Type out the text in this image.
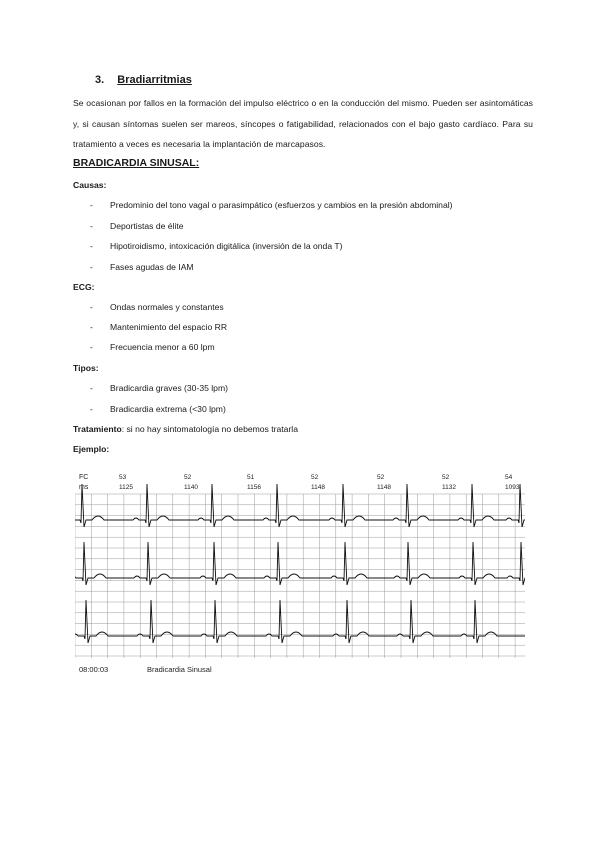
3. Bradiarritmias
Se ocasionan por fallos en la formación del impulso eléctrico o en la conducción del mismo. Pueden ser asintomáticas y, si causan síntomas suelen ser mareos, síncopes o fatigabilidad, relacionados con el bajo gasto cardíaco. Para su tratamiento a veces es necesaria la implantación de marcapasos.
BRADICARDIA SINUSAL:
Causas:
- Predominio del tono vagal o parasimpático (esfuerzos y cambios en la presión abdominal)
- Deportistas de élite
- Hipotiroidismo, intoxicación digitálica (inversión de la onda T)
- Fases agudas de IAM
ECG:
- Ondas normales y constantes
- Mantenimiento del espacio RR
- Frecuencia menor a 60 lpm
Tipos:
- Bradicardia graves (30-35 lpm)
- Bradicardia extrema (<30 lpm)
Tratamiento: si no hay sintomatología no debemos tratarla
Ejemplo:
FC
ms
53
1125
52
1140
51
1156
52
1148
52
1148
52
1132
54
1093
08:00:03	Bradicardia Sinusal
